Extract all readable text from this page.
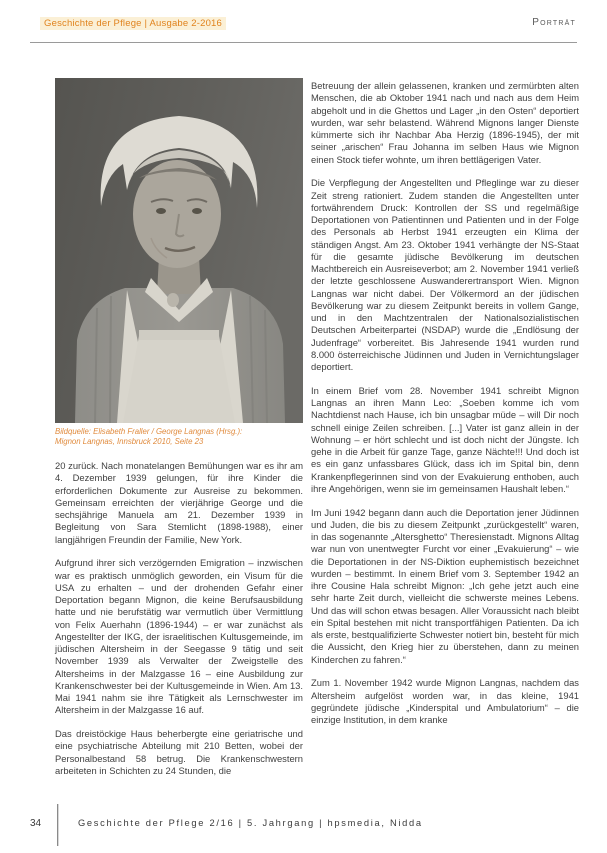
Geschichte der Pflege | Ausgabe 2-2016	Porträt
Bildquelle: Elisabeth Fraller / George Langnas (Hrsg.):
Mignon Langnas, Innsbruck 2010, Seite 23

20 zurück. Nach monatelangen Bemühungen war es ihr am 4. Dezember 1939 gelungen, für ihre Kinder die erforderlichen Dokumente zur Ausreise zu bekommen. Gemeinsam erreichten der vierjährige George und die sechsjährige Manuela am 21. Dezember 1939 in Begleitung von Sara Stemlicht (1898-1988), einer langjährigen Freundin der Familie, New York.

Aufgrund ihrer sich verzögernden Emigration – inzwischen war es praktisch unmöglich geworden, ein Visum für die USA zu erhalten – und der drohenden Gefahr einer Deportation begann Mignon, die keine Berufsausbildung hatte und nie berufstätig war vermutlich über Vermittlung von Felix Auerhahn (1896-1944) – er war zunächst als Angestellter der IKG, der israelitischen Kultusgemeinde, im jüdischen Altersheim in der Seegasse 9 tätig und seit November 1939 als Verwalter der Zweigstelle des Altersheims in der Malzgasse 16 – eine Ausbildung zur Krankenschwester bei der Kultusgemeinde in Wien. Am 13. Mai 1941 nahm sie ihre Tätigkeit als Lernschwester im Altersheim in der Malzgasse 16 auf.

Das dreistöckige Haus beherbergte eine geriatrische und eine psychiatrische Abteilung mit 210 Betten, wobei der Personalbestand 58 betrug. Die Krankenschwestern arbeiteten in Schichten zu 24 Stunden, die

Betreuung der allein gelassenen, kranken und zermürbten alten Menschen, die ab Oktober 1941 nach und nach aus dem Heim abgeholt und in die Ghettos und Lager „in den Osten“ deportiert wurden, war sehr belastend. Während Mignons langer Dienste kümmerte sich ihr Nachbar Aba Herzig (1896-1945), der mit seiner „arischen“ Frau Johanna im selben Haus wie Mignon einen Stock tiefer wohnte, um ihren bettlägerigen Vater.

Die Verpflegung der Angestellten und Pfleglinge war zu dieser Zeit streng rationiert. Zudem standen die Angestellten unter fortwährendem Druck: Kontrollen der SS und regelmäßige Deportationen von Patientinnen und Patienten und in der Folge des Personals ab Herbst 1941 erzeugten ein Klima der ständigen Angst. Am 23. Oktober 1941 verhängte der NS-Staat für die gesamte jüdische Bevölkerung im deutschen Machtbereich ein Ausreiseverbot; am 2. November 1941 verließ der letzte geschlossene Auswanderertransport Wien. Mignon Langnas war nicht dabei. Der Völkermord an der jüdischen Bevölkerung war zu diesem Zeitpunkt bereits in vollem Gange, und in den Machtzentralen der Nationalsozialistischen Deutschen Arbeiterpartei (NSDAP) wurde die „Endlösung der Judenfrage“ vorbereitet. Bis Jahresende 1941 wurden rund 8.000 österreichische Jüdinnen und Juden in Vernichtungslager deportiert.

In einem Brief vom 28. November 1941 schreibt Mignon Langnas an ihren Mann Leo: „Soeben komme ich vom Nachtdienst nach Hause, ich bin unsagbar müde – will Dir noch schnell einige Zeilen schreiben. [...] Vater ist ganz allein in der Wohnung – er hört schlecht und ist doch nicht der Jüngste. Ich gehe in die Arbeit für ganze Tage, ganze Nächte!!! Und doch ist es ein ganz unfassbares Glück, dass ich im Spital bin, denn Krankenpflegerinnen sind von der Evakuierung enthoben, auch ihre Angehörigen, wenn sie im gemeinsamen Haushalt leben.“

Im Juni 1942 begann dann auch die Deportation jener Jüdinnen und Juden, die bis zu diesem Zeitpunkt „zurückgestellt“ waren, in das sogenannte „Altersghetto“ Theresienstadt. Mignons Alltag war nun von unentwegter Furcht vor einer „Evakuierung“ – wie die Deportationen in der NS-Diktion euphemistisch bezeichnet wurden – bestimmt. In einem Brief vom 3. September 1942 an ihre Cousine Hala schreibt Mignon: „Ich gehe jetzt auch eine sehr harte Zeit durch, vielleicht die schwerste meines Lebens. Und das will schon etwas besagen. Aller Voraussicht nach bleibt ein Spital bestehen mit nicht transportfähigen Patienten. Da ich als erste, bestqualifizierte Schwester notiert bin, besteht für mich die Aussicht, den Krieg hier zu überstehen, dann zu meinen Kinderchen zu fahren.“

Zum 1. November 1942 wurde Mignon Langnas, nachdem das Altersheim aufgelöst worden war, in das kleine, 1941 gegründete jüdische „Kinderspital und Ambulatorium“ – die einzige Institution, in dem kranke

34	Geschichte der Pflege 2/16 | 5. Jahrgang | hpsmedia, Nidda
